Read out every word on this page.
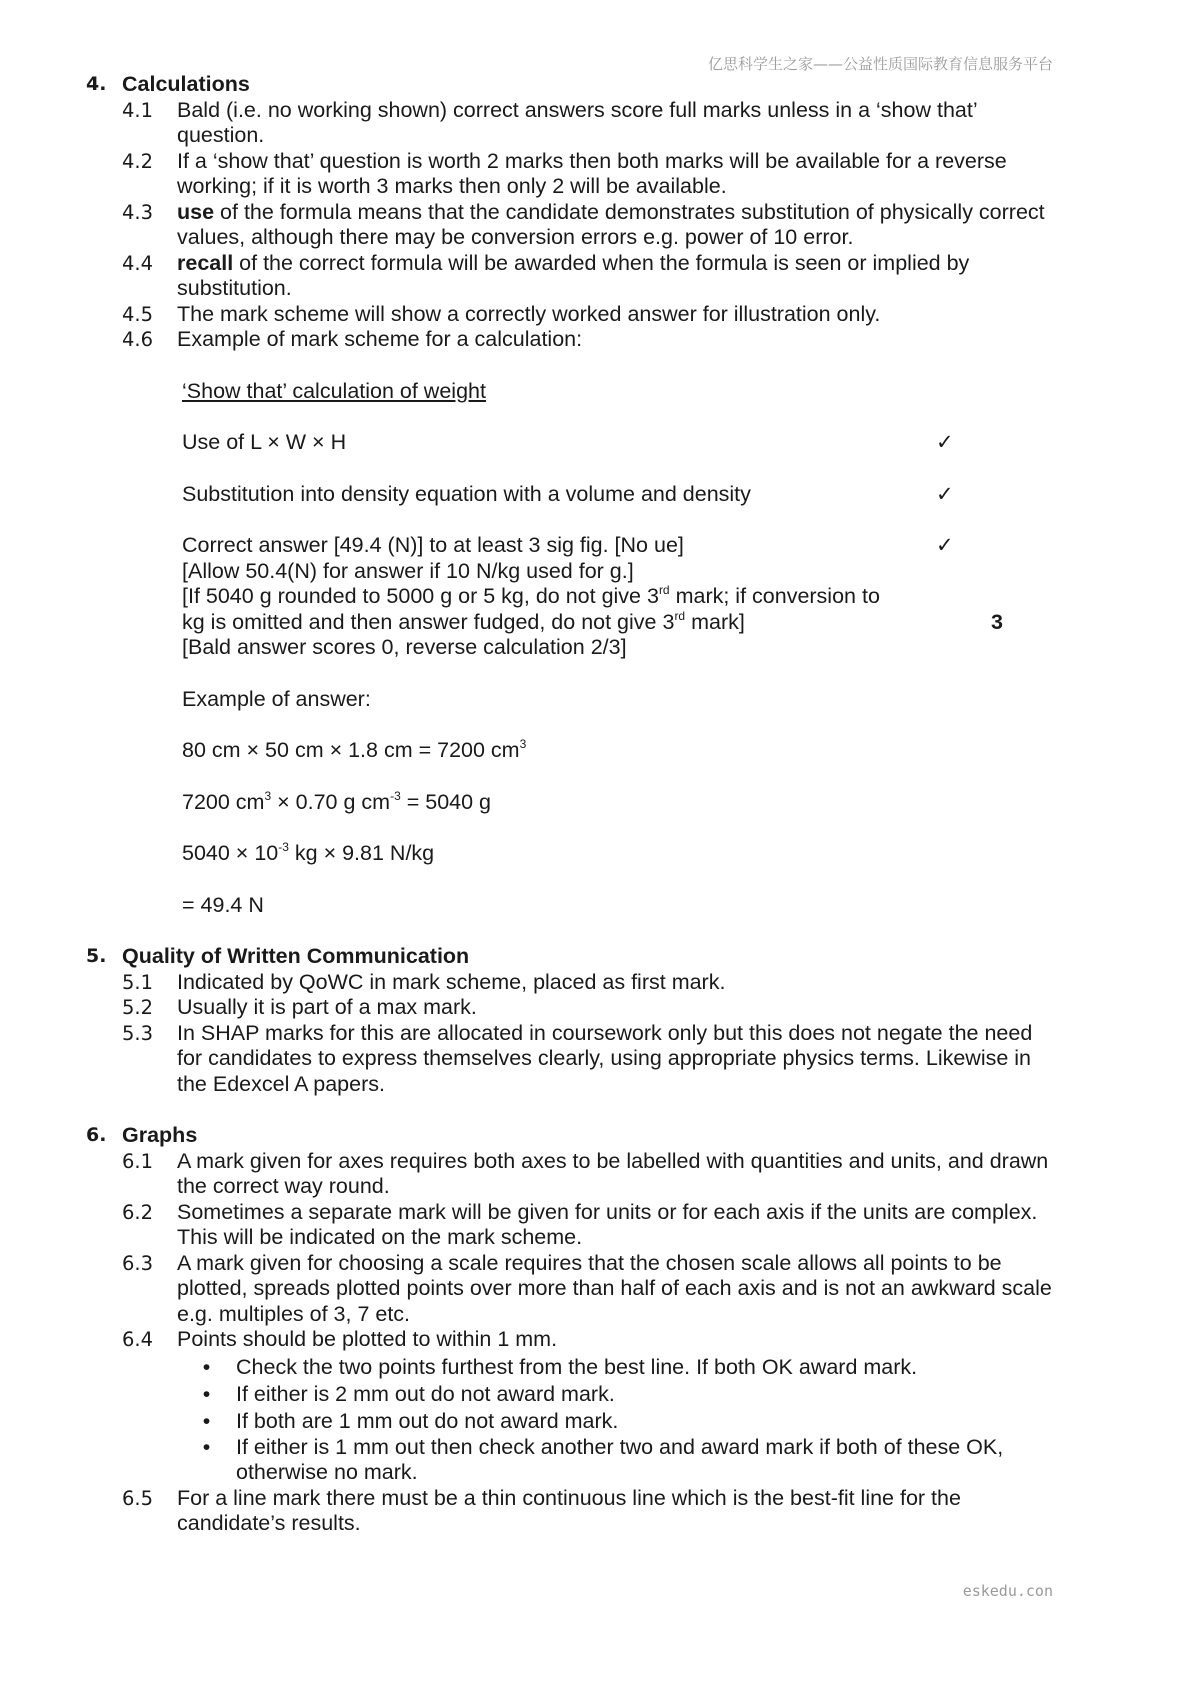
亿思科学生之家——公益性质国际教育信息服务平台
4. Calculations
4.1	Bald (i.e. no working shown) correct answers score full marks unless in a ‘show that’ question.
4.2	If a ‘show that’ question is worth 2 marks then both marks will be available for a reverse working; if it is worth 3 marks then only 2 will be available.
4.3	use of the formula means that the candidate demonstrates substitution of physically correct values, although there may be conversion errors e.g. power of 10 error.
4.4	recall of the correct formula will be awarded when the formula is seen or implied by substitution.
4.5	The mark scheme will show a correctly worked answer for illustration only.
4.6	Example of mark scheme for a calculation:
‘Show that’ calculation of weight
Use of L × W × H	✓
Substitution into density equation with a volume and density	✓
Correct answer [49.4 (N)] to at least 3 sig fig. [No ue]	✓
[Allow 50.4(N) for answer if 10 N/kg used for g.]
[If 5040 g rounded to 5000 g or 5 kg, do not give 3rd mark; if conversion to
kg is omitted and then answer fudged, do not give 3rd mark]	3
[Bald answer scores 0, reverse calculation 2/3]
Example of answer:
80 cm × 50 cm × 1.8 cm = 7200 $cm^3$
7200 $cm^3 \times 0.70$ g $cm^{-3} = 5040$ g
$5040 \times 10^{-3}$ kg × 9.81 N/kg
= 49.4 N
5. Quality of Written Communication
5.1	Indicated by QoWC in mark scheme, placed as first mark.
5.2	Usually it is part of a max mark.
5.3	In SHAP marks for this are allocated in coursework only but this does not negate the need for candidates to express themselves clearly, using appropriate physics terms. Likewise in the Edexcel A papers.
6. Graphs
6.1	A mark given for axes requires both axes to be labelled with quantities and units, and drawn the correct way round.
6.2	Sometimes a separate mark will be given for units or for each axis if the units are complex. This will be indicated on the mark scheme.
6.3	A mark given for choosing a scale requires that the chosen scale allows all points to be plotted, spreads plotted points over more than half of each axis and is not an awkward scale e.g. multiples of 3, 7 etc.
6.4	Points should be plotted to within 1 mm.
•	Check the two points furthest from the best line. If both OK award mark.
•	If either is 2 mm out do not award mark.
•	If both are 1 mm out do not award mark.
•	If either is 1 mm out then check another two and award mark if both of these OK, otherwise no mark.
6.5	For a line mark there must be a thin continuous line which is the best-fit line for the candidate’s results.
eskedu.con
